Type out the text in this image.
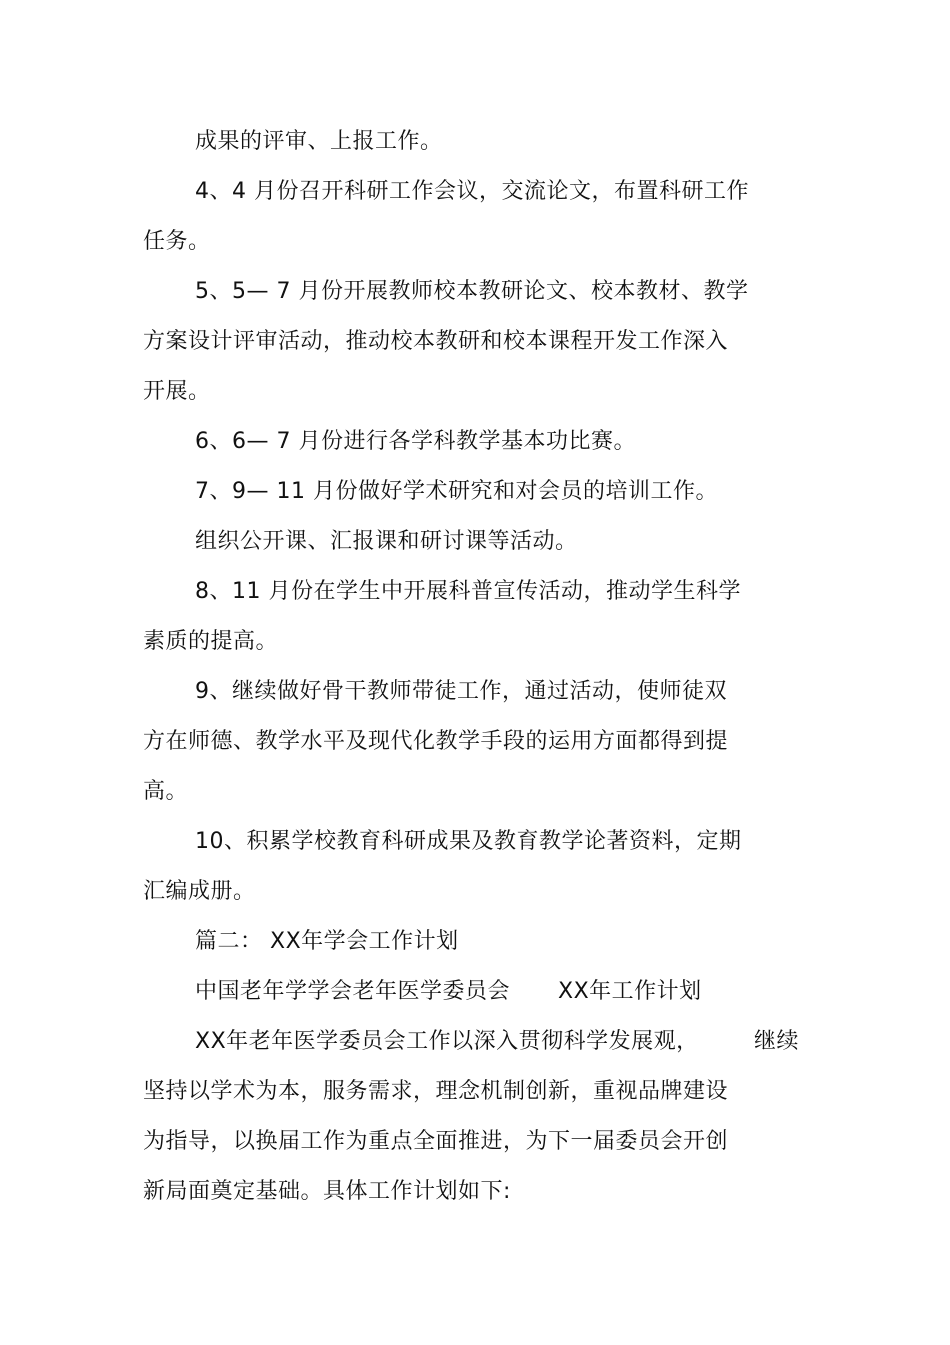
成果的评审、上报工作。
4、4 月份召开科研工作会议，交流论文，布置科研工作
任务。
5、5— 7 月份开展教师校本教研论文、校本教材、教学
方案设计评审活动，推动校本教研和校本课程开发工作深入
开展。
6、6— 7 月份进行各学科教学基本功比赛。
7、9— 11 月份做好学术研究和对会员的培训工作。
组织公开课、汇报课和研讨课等活动。
8、11 月份在学生中开展科普宣传活动，推动学生科学
素质的提高。
9、继续做好骨干教师带徒工作，通过活动，使师徒双
方在师德、教学水平及现代化教学手段的运用方面都得到提
高。
10、积累学校教育科研成果及教育教学论著资料，定期
汇编成册。
篇二： XX年学会工作计划
中国老年学学会老年医学委员会 XX年工作计划
XX年老年医学委员会工作以深入贯彻科学发展观，	继续
坚持以学术为本，服务需求，理念机制创新，重视品牌建设
为指导，以换届工作为重点全面推进，为下一届委员会开创
新局面奠定基础。具体工作计划如下:
